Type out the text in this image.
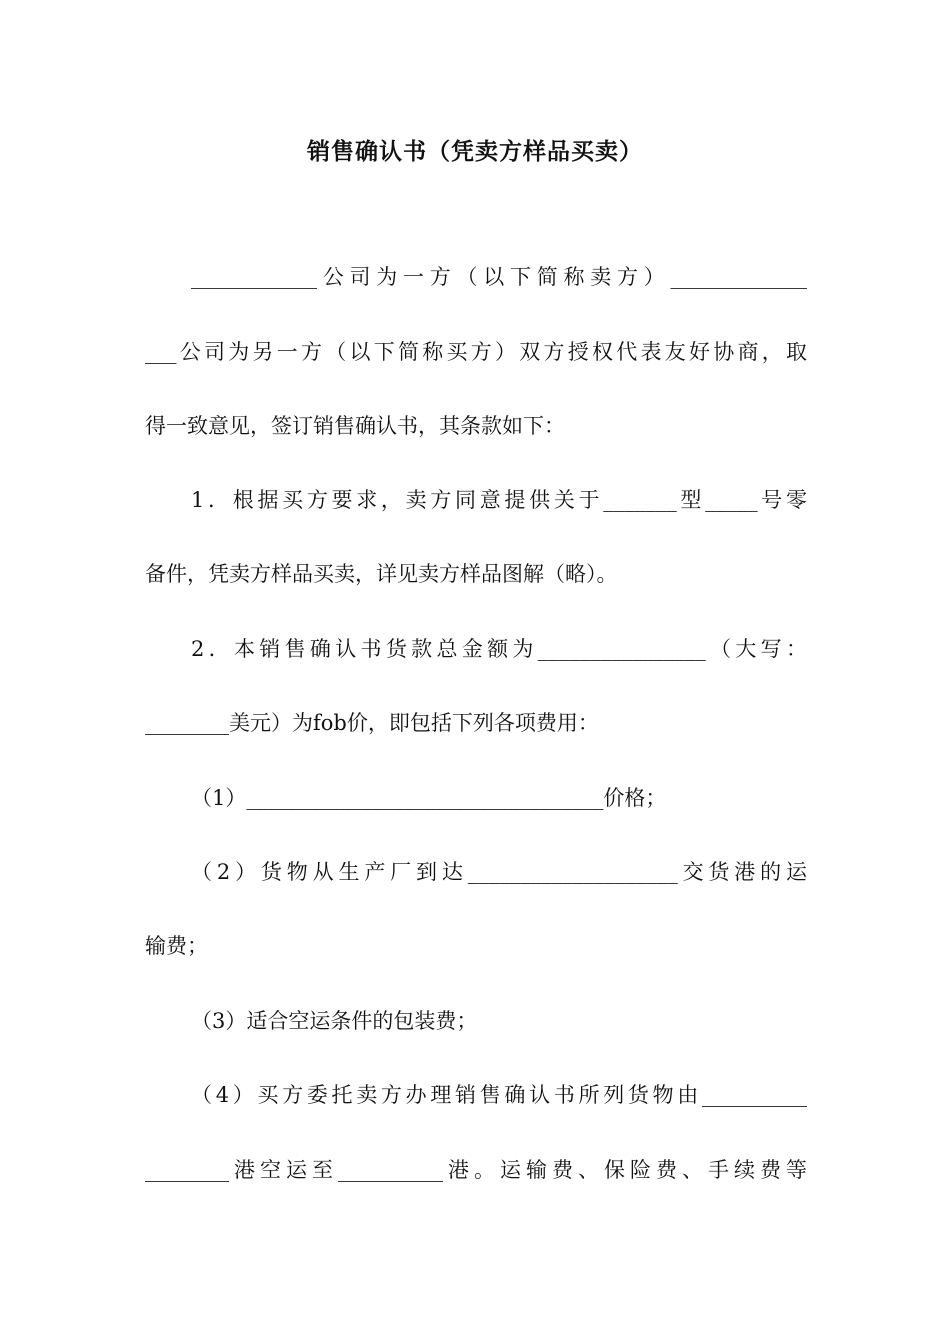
销售确认书（凭卖方样品买卖）
____________公司为一方（以下简称卖方）_____________
___公司为另一方（以下简称买方）双方授权代表友好协商，取
得一致意见，签订销售确认书，其条款如下：
1．根据买方要求，卖方同意提供关于_______型_____号零
备件，凭卖方样品买卖，详见卖方样品图解（略）。
2．本销售确认书货款总金额为________________（大写：
________美元）为fob价，即包括下列各项费用：
（1）__________________________________价格；
（2）货物从生产厂到达____________________交货港的运
输费；
（3）适合空运条件的包装费；
（4）买方委托卖方办理销售确认书所列货物由__________
________港空运至__________港。运输费、保险费、手续费等
